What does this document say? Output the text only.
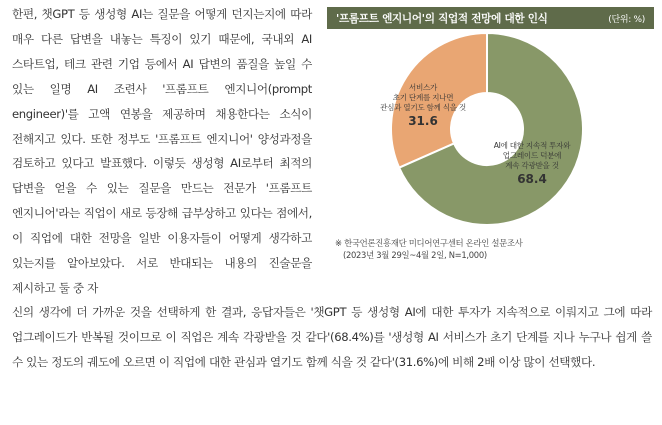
한편, 챗GPT 등 생성형 AI는 질문을 어떻게 던지는지에 따라 매우 다른 답변을 내놓는 특징이 있기 때문에, 국내외 AI 스타트업, 테크 관련 기업 등에서 AI 답변의 품질을 높일 수 있는 일명 AI 조련사 '프롬프트 엔지니어(prompt engineer)'를 고액 연봉을 제공하며 채용한다는 소식이 전해지고 있다. 또한 정부도 '프롬프트 엔지니어' 양성과정을 검토하고 있다고 발표했다. 이렇듯 생성형 AI로부터 최적의 답변을 얻을 수 있는 질문을 만드는 전문가 '프롬프트 엔지니어'라는 직업이 새로 등장해 급부상하고 있다는 점에서, 이 직업에 대한 전망을 일반 이용자들이 어떻게 생각하고 있는지를 알아보았다. 서로 반대되는 내용의 진술문을 제시하고 둘 중 자

'프롬프트 엔지니어'의 직업적 전망에 대한 인식	(단위: %)
서비스가
초기 단계를 지나면
관심과 열기도 함께 식을 것
31.6
AI에 대한 지속적 투자와
업그레이드 덕분에
계속 각광받을 것
68.4
※ 한국언론진흥재단 미디어연구센터 온라인 설문조사
(2023년 3월 29일~4월 2일, N=1,000)

신의 생각에 더 가까운 것을 선택하게 한 결과, 응답자들은 '챗GPT 등 생성형 AI에 대한 투자가 지속적으로 이뤄지고 그에 따라 업그레이드가 반복될 것이므로 이 직업은 계속 각광받을 것 같다'(68.4%)를 '생성형 AI 서비스가 초기 단계를 지나 누구나 쉽게 쓸 수 있는 정도의 궤도에 오르면 이 직업에 대한 관심과 열기도 함께 식을 것 같다'(31.6%)에 비해 2배 이상 많이 선택했다.
